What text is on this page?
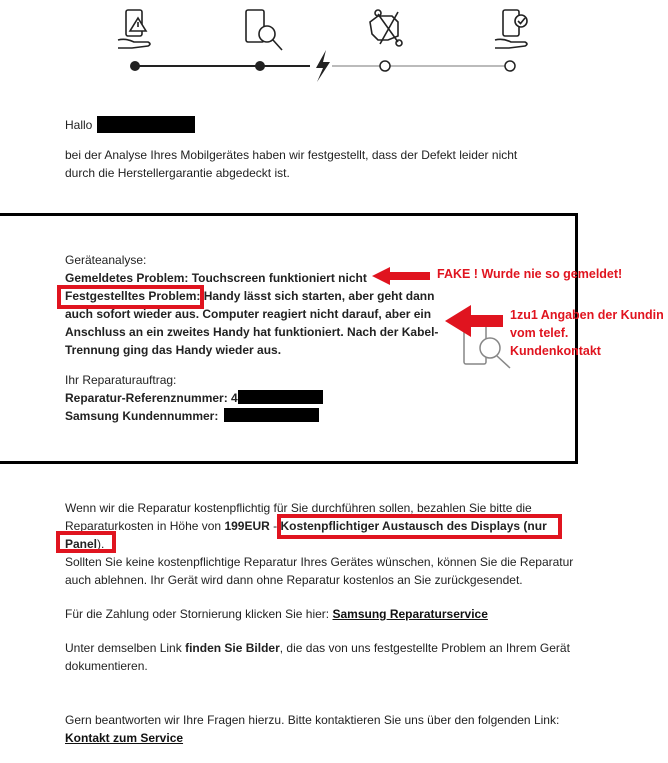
Hallo
bei der Analyse Ihres Mobilgerätes haben wir festgestellt, dass der Defekt leider nicht
durch die Herstellergarantie abgedeckt ist.
Geräteanalyse:
Gemeldetes Problem: Touchscreen funktioniert nicht
Festgestelltes Problem: Handy lässt sich starten, aber geht dann
auch sofort wieder aus. Computer reagiert nicht darauf, aber ein
Anschluss an ein zweites Handy hat funktioniert. Nach der Kabel-
Trennung ging das Handy wieder aus.
Ihr Reparaturauftrag:
Reparatur-Referenznummer: 4
Samsung Kundennummer:
FAKE ! Wurde nie so gemeldet!
1zu1 Angaben der Kundin
vom telef.
Kundenkontakt
Wenn wir die Reparatur kostenpflichtig für Sie durchführen sollen, bezahlen Sie bitte die
Reparaturkosten in Höhe von 199EUR - Kostenpflichtiger Austausch des Displays (nur
Panel).
Sollten Sie keine kostenpflichtige Reparatur Ihres Gerätes wünschen, können Sie die Reparatur
auch ablehnen. Ihr Gerät wird dann ohne Reparatur kostenlos an Sie zurückgesendet.
Für die Zahlung oder Stornierung klicken Sie hier: Samsung Reparaturservice
Unter demselben Link finden Sie Bilder, die das von uns festgestellte Problem an Ihrem Gerät
dokumentieren.
Gern beantworten wir Ihre Fragen hierzu. Bitte kontaktieren Sie uns über den folgenden Link:
Kontakt zum Service
